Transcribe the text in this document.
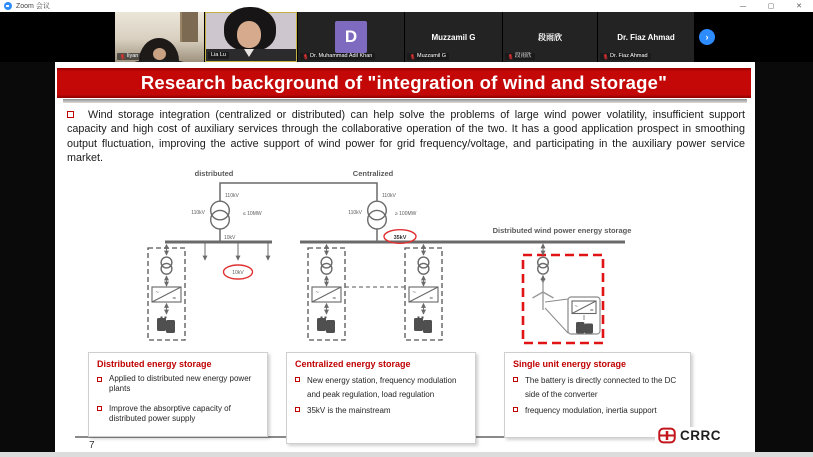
Zoom 会议	—	▢	✕
liyan	Lia Lu
D
Dr. Muhammad Adil Khan
Muzzamil G
Muzzamil G
段雨欣
段雨欣
Dr. Fiaz Ahmad
Dr. Fiaz Ahmad
›
Research background of "integration of wind and storage"
Wind storage integration (centralized or distributed) can help solve the problems of large wind power volatility, insufficient support capacity and high cost of auxiliary services through the collaborative operation of the two. It has a good application prospect in smoothing output fluctuation, improving the active support of wind power for grid frequency/voltage, and participating in the auxiliary power service market.
~
=
distributed	Centralized
110kV
110kV	≤ 10MW
10kV
110kV
110kV	≥ 100MW
10kV
35kV
Distributed wind power energy storage
~
=
Distributed energy storage
Applied to distributed new energy power plants
Improve the absorptive capacity of distributed power supply
Centralized energy storage
New energy station, frequency modulation and peak regulation, load regulation
35kV is the mainstream
Single unit energy storage
The battery is directly connected to the DC side of the converter
frequency modulation, inertia support
7
CRRC
